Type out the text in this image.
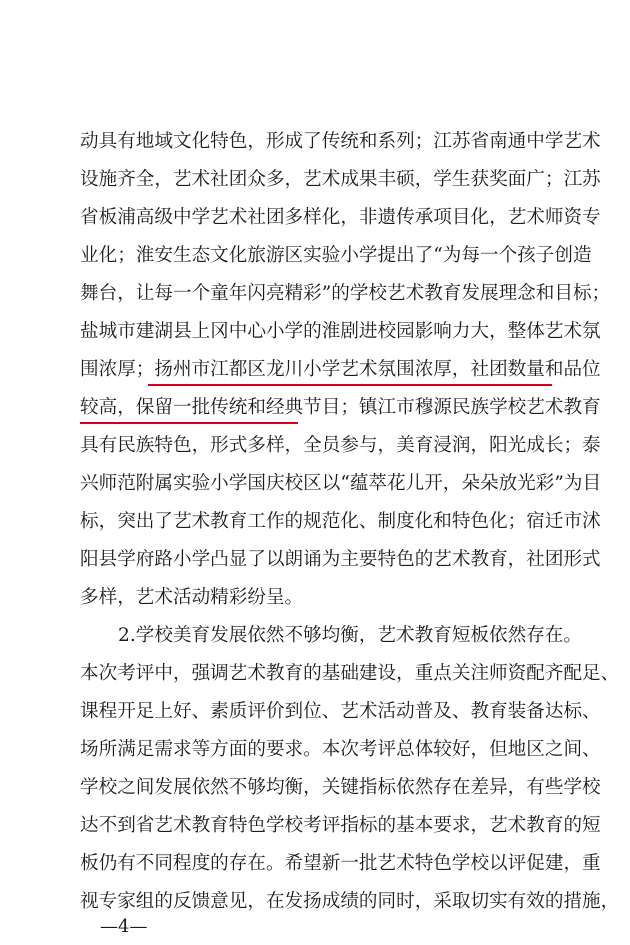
动具有地域文化特色，形成了传统和系列；江苏省南通中学艺术
设施齐全，艺术社团众多，艺术成果丰硕，学生获奖面广；江苏
省板浦高级中学艺术社团多样化，非遗传承项目化，艺术师资专
业化；淮安生态文化旅游区实验小学提出了“为每一个孩子创造
舞台，让每一个童年闪亮精彩”的学校艺术教育发展理念和目标；
盐城市建湖县上冈中心小学的淮剧进校园影响力大，整体艺术氛
围浓厚；扬州市江都区龙川小学艺术氛围浓厚，社团数量和品位
较高，保留一批传统和经典节目；镇江市穆源民族学校艺术教育
具有民族特色，形式多样，全员参与，美育浸润，阳光成长；泰
兴师范附属实验小学国庆校区以“蕴萃花儿开，朵朵放光彩”为目
标，突出了艺术教育工作的规范化、制度化和特色化；宿迁市沭
阳县学府路小学凸显了以朗诵为主要特色的艺术教育，社团形式
多样，艺术活动精彩纷呈。
2.学校美育发展依然不够均衡，艺术教育短板依然存在。
本次考评中，强调艺术教育的基础建设，重点关注师资配齐配足、
课程开足上好、素质评价到位、艺术活动普及、教育装备达标、
场所满足需求等方面的要求。本次考评总体较好，但地区之间、
学校之间发展依然不够均衡，关键指标依然存在差异，有些学校
达不到省艺术教育特色学校考评指标的基本要求，艺术教育的短
板仍有不同程度的存在。希望新一批艺术特色学校以评促建，重
视专家组的反馈意见，在发扬成绩的同时，采取切实有效的措施，
—4—
